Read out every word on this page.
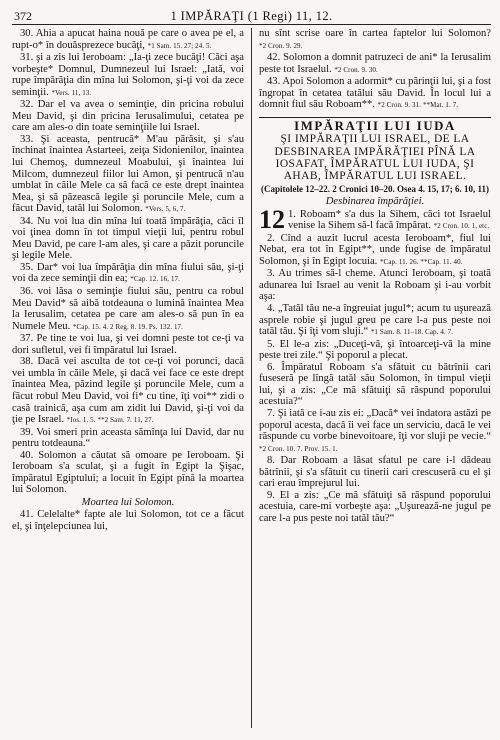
372	1 IMPĂRAŢI (1 Regi) 11, 12.

30. Ahia a apucat haina nouă pe care o avea pe el, a rupt-o* în douăsprezece bucăţi, *1 Sam. 15. 27; 24. 5.

31. şi a zis lui Ieroboam: „Ia-ţi zece bucăţi! Căci aşa vorbeşte* Domnul, Dumnezeul lui Israel: „Iată, voi rupe împărăţia din mîna lui Solomon, şi-ţi voi da zece seminţii. *Vers. 11, 13.

32. Dar el va avea o seminţie, din pricina robului Meu David, şi din pricina Ierusalimului, cetatea pe care am ales-o din toate seminţiile lui Israel.

33. Şi aceasta, pentrucă* M'au părăsit, şi s'au închinat înaintea Astarteei, zeiţa Sidonienilor, înaintea lui Chemoş, dumnezeul Moabului, şi înaintea lui Milcom, dumnezeul fiilor lui Amon, şi pentrucă n'au umblat în căile Mele ca să facă ce este drept înaintea Mea, şi să păzească legile şi poruncile Mele, cum a făcut David, tatăl lui Solomon. *Vers. 5, 6, 7.

34. Nu voi lua din mîna lui toată împărăţia, căci îl voi ţinea domn în tot timpul vieţii lui, pentru robul Meu David, pe care l-am ales, şi care a păzit poruncile şi legile Mele.

35. Dar* voi lua împărăţia din mîna fiului său, şi-ţi voi da zece seminţii din ea; *Cap. 12. 16, 17.

36. voi lăsa o seminţie fiului său, pentru ca robul Meu David* să aibă totdeauna o lumină înaintea Mea la Ierusalim, cetatea pe care am ales-o să pun în ea Numele Meu. *Cap. 15. 4. 2 Reg. 8. 19. Ps. 132. 17.

37. Pe tine te voi lua, şi vei domni peste tot ce-ţi va dori sufletul, vei fi împăratul lui Israel.

38. Dacă vei asculta de tot ce-ţi voi porunci, dacă vei umbla în căile Mele, şi dacă vei face ce este drept înaintea Mea, păzind legile şi poruncile Mele, cum a făcut robul Meu David, voi fi* cu tine, îţi voi** zidi o casă trainică, aşa cum am zidit lui David, şi-ţi voi da ţie pe Israel. *Ios. 1. 5. **2 Sam. 7. 11, 27.

39. Voi smeri prin aceasta sămînţa lui David, dar nu pentru totdeauna.“

40. Solomon a căutat să omoare pe Ieroboam. Şi Ieroboam s'a sculat, şi a fugit în Egipt la Şişac, împăratul Egiptului; a locuit în Egipt pînă la moartea lui Solomon.

Moartea lui Solomon.

41. Celelalte* fapte ale lui Solomon, tot ce a făcut el, şi înţelepciunea lui,

nu sînt scrise oare în cartea faptelor lui Solomon? *2 Cron. 9. 29.

42. Solomon a domnit patruzeci de ani* la Ierusalim peste tot Israelul. *2 Cron. 9. 30.

43. Apoi Solomon a adormit* cu părinţii lui, şi a fost îngropat în cetatea tatălui său David. În locul lui a domnit fiul său Roboam**. *2 Cron. 9. 31. **Mat. 1. 7.

IMPĂRAŢII LUI IUDA

ŞI IMPĂRAŢII LUI ISRAEL, DE LA DESBINAREA IMPĂRĂŢIEI PÎNĂ LA IOSAFAT, ÎMPĂRATUL LUI IUDA, ŞI AHAB, ÎMPĂRATUL LUI ISRAEL.

(Capitolele 12–22. 2 Cronici 10–20. Osea 4. 15, 17; 6. 10, 11)

Desbinarea împărăţiei.

12 1. Roboam* s'a dus la Sihem, căci tot Israelul venise la Sihem să-l facă împărat. *2 Cron. 10. 1, etc.

2. Cînd a auzit lucrul acesta Ieroboam*, fiul lui Nebat, era tot în Egipt**, unde fugise de împăratul Solomon, şi în Egipt locuia. *Cap. 11. 26. **Cap. 11. 40.

3. Au trimes să-l cheme. Atunci Ieroboam, şi toată adunarea lui Israel au venit la Roboam şi i-au vorbit aşa:

4. „Tatăl tău ne-a îngreuiat jugul*; acum tu uşurează asprele robie şi jugul greu pe care l-a pus peste noi tatăl tău. Şi îţi vom sluji.“ *1 Sam. 8. 11–18. Cap. 4. 7.

5. El le-a zis: „Duceţi-vă, şi întoarceţi-vă la mine peste trei zile.“ Şi poporul a plecat.

6. Împăratul Roboam s'a sfătuit cu bătrînii cari fuseseră pe lîngă tatăl său Solomon, în timpul vieţii lui, şi a zis: „Ce mă sfătuiţi să răspund poporului acestuia?“

7. Şi iată ce i-au zis ei: „Dacă* vei îndatora astăzi pe poporul acesta, dacă îi vei face un serviciu, dacă le vei răspunde cu vorbe binevoitoare, îţi vor sluji pe vecie.“ *2 Cron. 10. 7. Prov. 15. 1.

8. Dar Roboam a lăsat sfatul pe care i-l dădeau bătrînii, şi s'a sfătuit cu tinerii cari crescuseră cu el şi cari erau împrejurul lui.

9. El a zis: „Ce mă sfătuiţi să răspund poporului acestuia, care-mi vorbeşte aşa: „Uşurează-ne jugul pe care l-a pus peste noi tatăl tău?“
